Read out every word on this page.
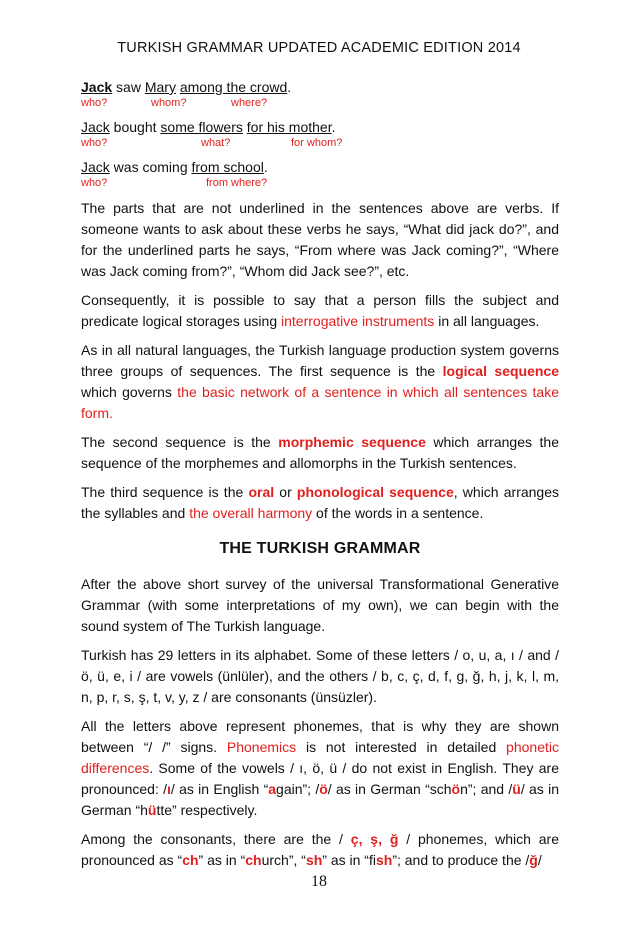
TURKISH GRAMMAR UPDATED ACADEMIC EDITION 2014
Jack saw Mary among the crowd.
who?	whom?	where?
Jack bought some flowers for his mother.
who?	what?	for whom?
Jack was coming from school.
who?	from where?

The parts that are not underlined in the sentences above are verbs. If someone wants to ask about these verbs he says, “What did jack do?”, and for the underlined parts he says, “From where was Jack coming?”, “Where was Jack coming from?”, “Whom did Jack see?”, etc.

Consequently, it is possible to say that a person fills the subject and predicate logical storages using interrogative instruments in all languages.

As in all natural languages, the Turkish language production system governs three groups of sequences. The first sequence is the logical sequence which governs the basic network of a sentence in which all sentences take form.

The second sequence is the morphemic sequence which arranges the sequence of the morphemes and allomorphs in the Turkish sentences.

The third sequence is the oral or phonological sequence, which arranges the syllables and the overall harmony of the words in a sentence.

THE TURKISH GRAMMAR

After the above short survey of the universal Transformational Generative Grammar (with some interpretations of my own), we can begin with the sound system of The Turkish language.

Turkish has 29 letters in its alphabet. Some of these letters / o, u, a, ı / and / ö, ü, e, i / are vowels (ünlüler), and the others / b, c, ç, d, f, g, ğ, h, j, k, l, m, n, p, r, s, ş, t, v, y, z / are consonants (ünsüzler).

All the letters above represent phonemes, that is why they are shown between “/ /” signs. Phonemics is not interested in detailed phonetic differences. Some of the vowels / ı, ö, ü / do not exist in English. They are pronounced: /ı/ as in English “again”; /ö/ as in German “schön”; and /ü/ as in German “hütte” respectively.

Among the consonants, there are the / ç, ş, ğ / phonemes, which are pronounced as “ch” as in “church”, “sh” as in “fish”; and to produce the /ğ/

18
